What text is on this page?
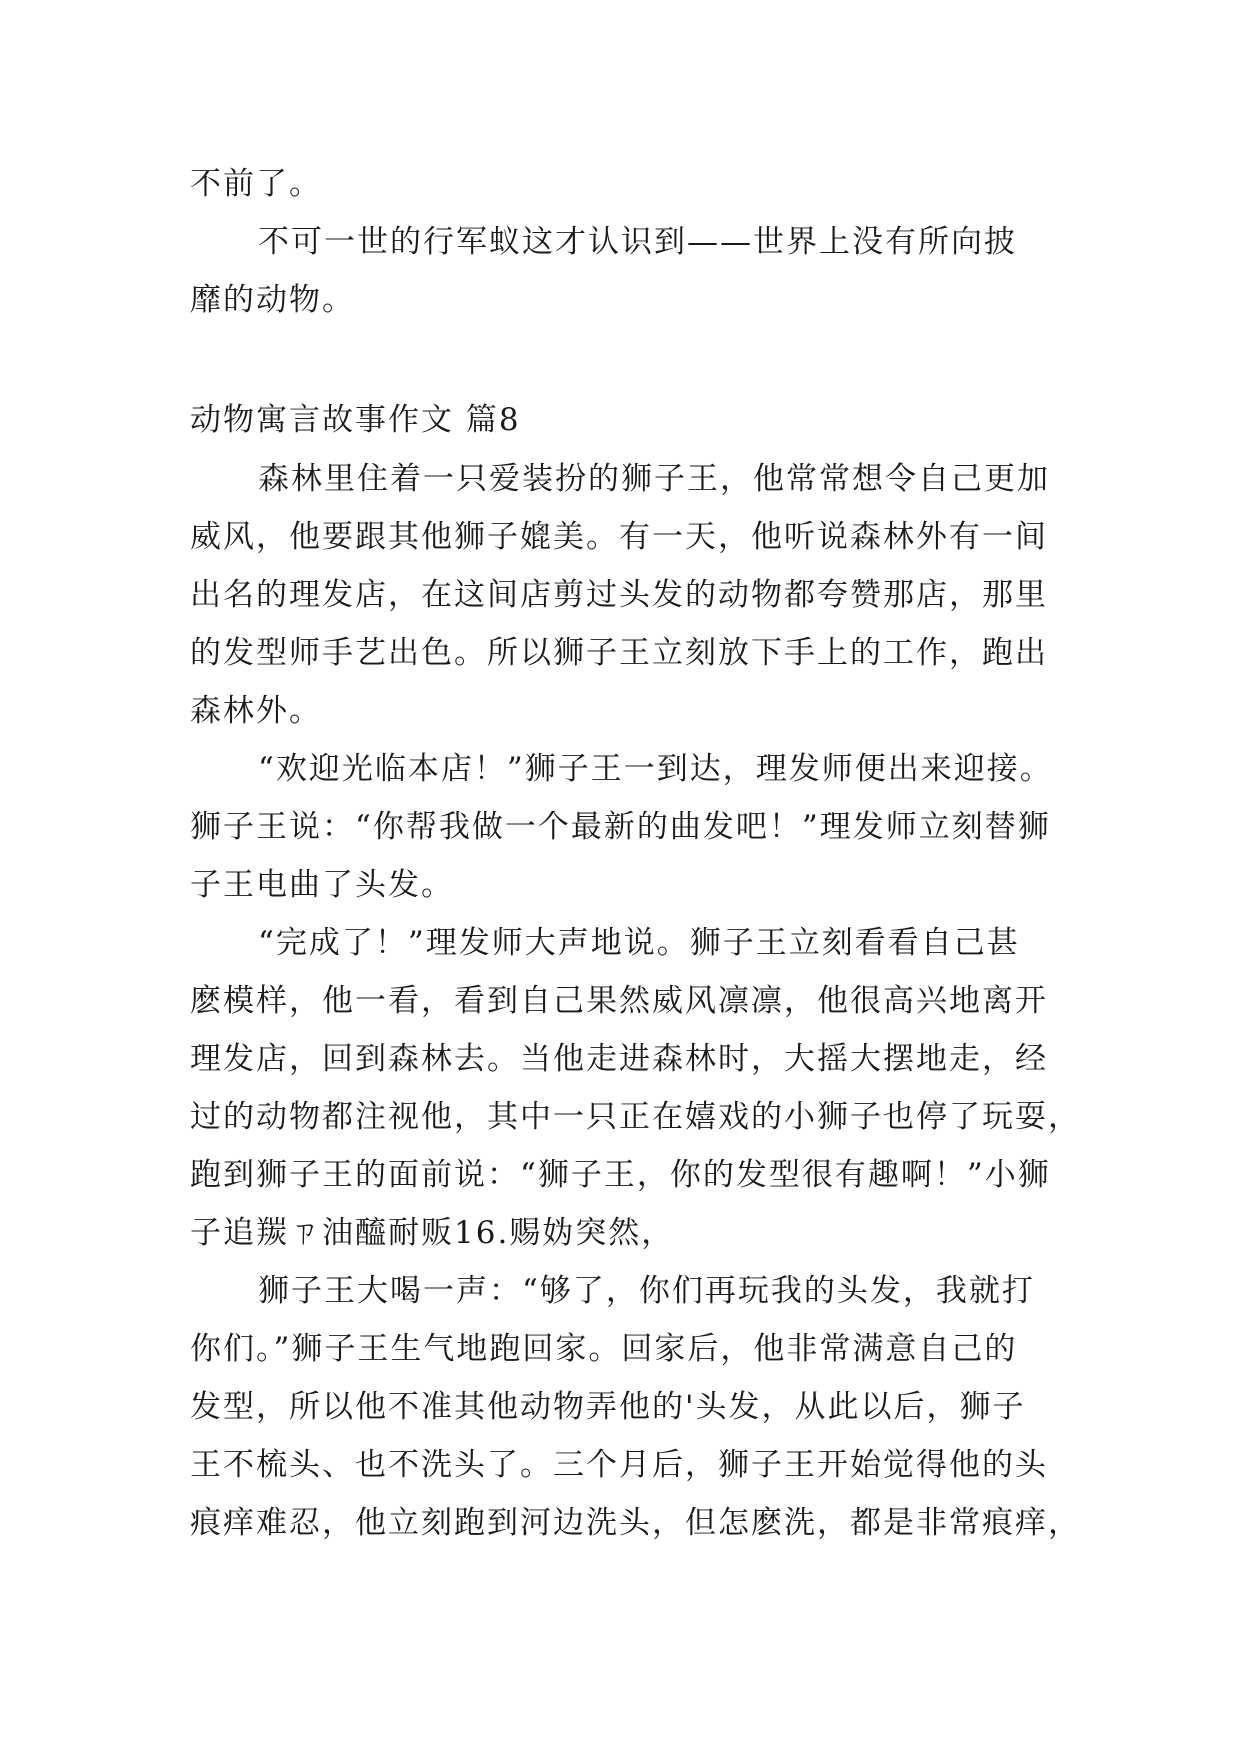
不前了。
不可一世的行军蚁这才认识到——世界上没有所向披
靡的动物。
动物寓言故事作文 篇8
森林里住着一只爱装扮的狮子王，他常常想令自己更加
威风，他要跟其他狮子媲美。有一天，他听说森林外有一间
出名的理发店，在这间店剪过头发的动物都夸赞那店，那里
的发型师手艺出色。所以狮子王立刻放下手上的工作，跑出
森林外。
“欢迎光临本店！”狮子王一到达，理发师便出来迎接。
狮子王说：“你帮我做一个最新的曲发吧！”理发师立刻替狮
子王电曲了头发。
“完成了！”理发师大声地说。狮子王立刻看看自己甚
麽模样，他一看，看到自己果然威风凛凛，他很高兴地离开
理发店，回到森林去。当他走进森林时，大摇大摆地走，经
过的动物都注视他，其中一只正在嬉戏的小狮子也停了玩耍，
跑到狮子王的面前说：“狮子王，你的发型很有趣啊！”小狮
子追羰ㄗ油醯耐贩16.赐妫突然，
狮子王大喝一声：“够了，你们再玩我的头发，我就打
你们。”狮子王生气地跑回家。回家后，他非常满意自己的
发型，所以他不准其他动物弄他的'头发，从此以后，狮子
王不梳头、也不洗头了。三个月后，狮子王开始觉得他的头
痕痒难忍，他立刻跑到河边洗头，但怎麽洗，都是非常痕痒，
